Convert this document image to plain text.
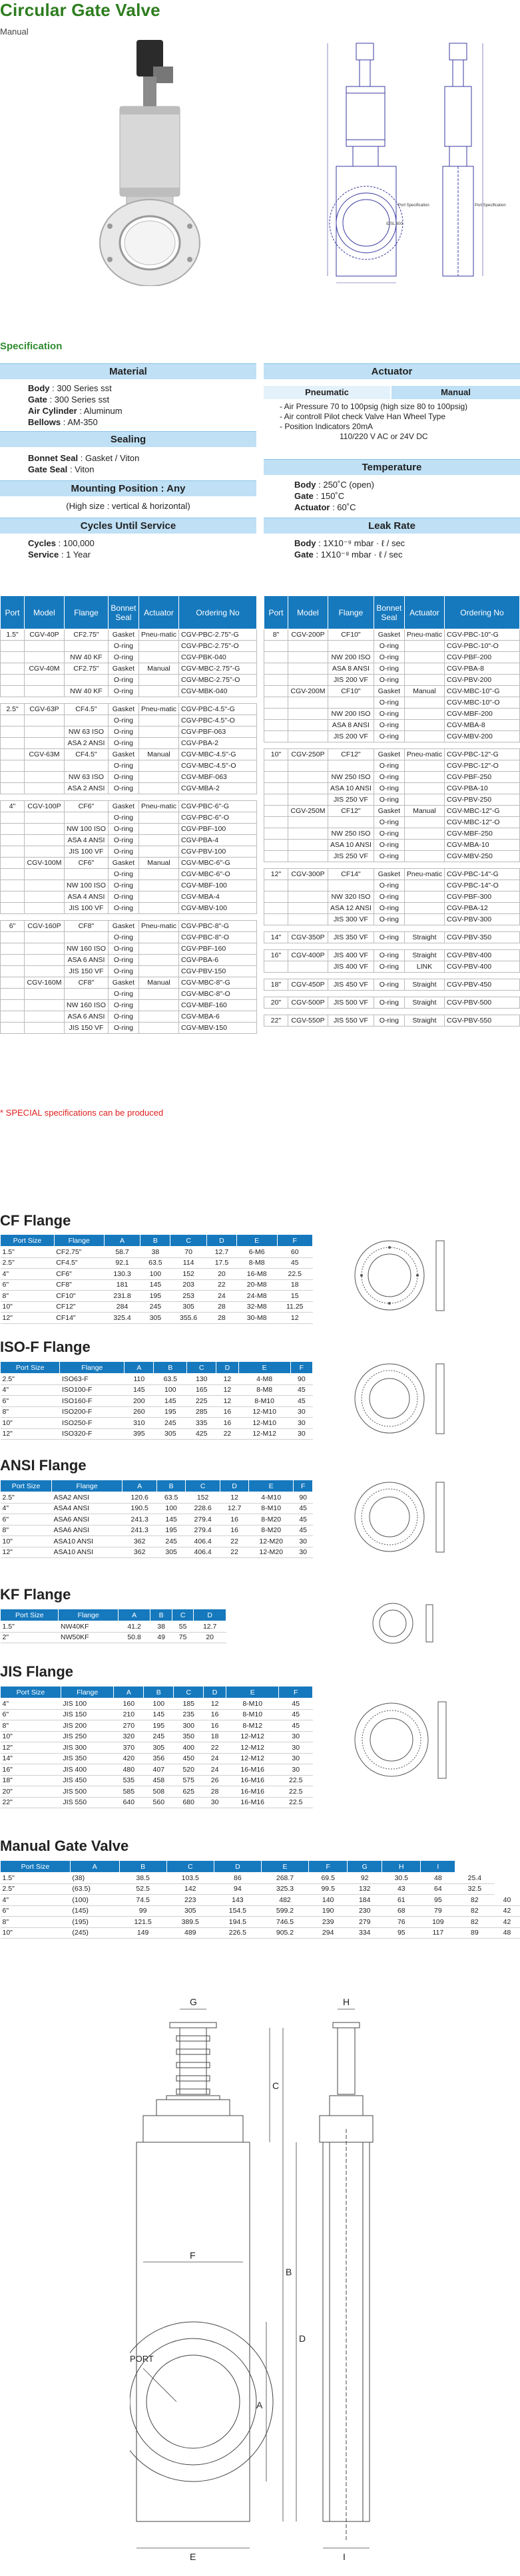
Circular Gate Valve
Manual
Port Specification	Port Specification
IDSL 600
Specification
Material
Body : 300 Series sst
Gate : 300 Series sst
Air Cylinder : Aluminum
Bellows : AM-350
Sealing
Bonnet Seal : Gasket / Viton
Gate Seal : Viton
Mounting Position : Any
(High size : vertical & horizontal)
Cycles Until Service
Cycles : 100,000
Service : 1 Year
Actuator
Pneumatic	Manual
- Air Pressure 70 to 100psig (high size 80 to 100psig)
- Air controll Pilot check Valve Han Wheel Type
- Position Indicators 20mA
110/220 V AC or 24V DC
Temperature
Body : 250˚C (open)
Gate : 150˚C
Actuator : 60˚C
Leak Rate
Body : 1X10⁻⁹ mbar · ℓ / sec
Gate : 1X10⁻⁸ mbar · ℓ / sec
Port	Model	Flange	Bonnet Seal	Actuator	Ordering No
1.5"	CGV-40P	CF2.75"	Gasket	Pneu-matic	CGV-PBC-2.75"-G
			O-ring		CGV-PBC-2.75"-O
		NW 40 KF	O-ring		CGV-PBK-040
	CGV-40M	CF2.75"	Gasket	Manual	CGV-MBC-2.75"-G
			O-ring		CGV-MBC-2.75"-O
		NW 40 KF	O-ring		CGV-MBK-040

2.5"	CGV-63P	CF4.5"	Gasket	Pneu-matic	CGV-PBC-4.5"-G
			O-ring		CGV-PBC-4.5"-O
		NW 63 ISO	O-ring		CGV-PBF-063
		ASA 2 ANSI	O-ring		CGV-PBA-2
	CGV-63M	CF4.5"	Gasket	Manual	CGV-MBC-4.5"-G
			O-ring		CGV-MBC-4.5"-O
		NW 63 ISO	O-ring		CGV-MBF-063
		ASA 2 ANSI	O-ring		CGV-MBA-2

4"	CGV-100P	CF6"	Gasket	Pneu-matic	CGV-PBC-6"-G
			O-ring		CGV-PBC-6"-O
		NW 100 ISO	O-ring		CGV-PBF-100
		ASA 4 ANSI	O-ring		CGV-PBA-4
		JIS 100 VF	O-ring		CGV-PBV-100
	CGV-100M	CF6"	Gasket	Manual	CGV-MBC-6"-G
			O-ring		CGV-MBC-6"-O
		NW 100 ISO	O-ring		CGV-MBF-100
		ASA 4 ANSI	O-ring		CGV-MBA-4
		JIS 100 VF	O-ring		CGV-MBV-100

6"	CGV-160P	CF8"	Gasket	Pneu-matic	CGV-PBC-8"-G
			O-ring		CGV-PBC-8"-O
		NW 160 ISO	O-ring		CGV-PBF-160
		ASA 6 ANSI	O-ring		CGV-PBA-6
		JIS 150 VF	O-ring		CGV-PBV-150
	CGV-160M	CF8"	Gasket	Manual	CGV-MBC-8"-G
			O-ring		CGV-MBC-8"-O
		NW 160 ISO	O-ring		CGV-MBF-160
		ASA 6 ANSI	O-ring		CGV-MBA-6
		JIS 150 VF	O-ring		CGV-MBV-150
Port	Model	Flange	Bonnet Seal	Actuator	Ordering No
8"	CGV-200P	CF10"	Gasket	Pneu-matic	CGV-PBC-10"-G
			O-ring		CGV-PBC-10"-O
		NW 200 ISO	O-ring		CGV-PBF-200
		ASA 8 ANSI	O-ring		CGV-PBA-8
		JIS 200 VF	O-ring		CGV-PBV-200
	CGV-200M	CF10"	Gasket	Manual	CGV-MBC-10"-G
			O-ring		CGV-MBC-10"-O
		NW 200 ISO	O-ring		CGV-MBF-200
		ASA 8 ANSI	O-ring		CGV-MBA-8
		JIS 200 VF	O-ring		CGV-MBV-200

10"	CGV-250P	CF12"	Gasket	Pneu-matic	CGV-PBC-12"-G
			O-ring		CGV-PBC-12"-O
		NW 250 ISO	O-ring		CGV-PBF-250
		ASA 10 ANSI	O-ring		CGV-PBA-10
		JIS 250 VF	O-ring		CGV-PBV-250
	CGV-250M	CF12"	Gasket	Manual	CGV-MBC-12"-G
			O-ring		CGV-MBC-12"-O
		NW 250 ISO	O-ring		CGV-MBF-250
		ASA 10 ANSI	O-ring		CGV-MBA-10
		JIS 250 VF	O-ring		CGV-MBV-250

12"	CGV-300P	CF14"	Gasket	Pneu-matic	CGV-PBC-14"-G
			O-ring		CGV-PBC-14"-O
		NW 320 ISO	O-ring		CGV-PBF-300
		ASA 12 ANSI	O-ring		CGV-PBA-12
		JIS 300 VF	O-ring		CGV-PBV-300

14"	CGV-350P	JIS 350 VF	O-ring	Straight	CGV-PBV-350

16"	CGV-400P	JIS 400 VF	O-ring	Straight	CGV-PBV-400
		JIS 400 VF	O-ring	LINK	CGV-PBV-400

18"	CGV-450P	JIS 450 VF	O-ring	Straight	CGV-PBV-450

20"	CGV-500P	JIS 500 VF	O-ring	Straight	CGV-PBV-500

22"	CGV-550P	JIS 550 VF	O-ring	Straight	CGV-PBV-550
* SPECIAL specifications can be produced
CF Flange
Port Size	Flange	A	B	C	D	E	F
1.5"	CF2.75"	58.7	38	70	12.7	6-M6	60
2.5"	CF4.5"	92.1	63.5	114	17.5	8-M8	45
4"	CF6"	130.3	100	152	20	16-M8	22.5
6"	CF8"	181	145	203	22	20-M8	18
8"	CF10"	231.8	195	253	24	24-M8	15
10"	CF12"	284	245	305	28	32-M8	11.25
12"	CF14"	325.4	305	355.6	28	30-M8	12
ISO-F Flange
Port Size	Flange	A	B	C	D	E	F
2.5"	ISO63-F	110	63.5	130	12	4-M8	90
4"	ISO100-F	145	100	165	12	8-M8	45
6"	ISO160-F	200	145	225	12	8-M10	45
8"	ISO200-F	260	195	285	16	12-M10	30
10"	ISO250-F	310	245	335	16	12-M10	30
12"	ISO320-F	395	305	425	22	12-M12	30
ANSI Flange
Port Size	Flange	A	B	C	D	E	F
2.5"	ASA2 ANSI	120.6	63.5	152	12	4-M10	90
4"	ASA4 ANSI	190.5	100	228.6	12.7	8-M10	45
6"	ASA6 ANSI	241.3	145	279.4	16	8-M20	45
8"	ASA6 ANSI	241.3	195	279.4	16	8-M20	45
10"	ASA10 ANSI	362	245	406.4	22	12-M20	30
12"	ASA10 ANSI	362	305	406.4	22	12-M20	30
KF Flange
Port Size	Flange	A	B	C	D
1.5"	NW40KF	41.2	38	55	12.7
2"	NW50KF	50.8	49	75	20
JIS Flange
Port Size	Flange	A	B	C	D	E	F
4"	JIS 100	160	100	185	12	8-M10	45
6"	JIS 150	210	145	235	16	8-M10	45
8"	JIS 200	270	195	300	16	8-M12	45
10"	JIS 250	320	245	350	18	12-M12	30
12"	JIS 300	370	305	400	22	12-M12	30
14"	JIS 350	420	356	450	24	12-M12	30
16"	JIS 400	480	407	520	24	16-M16	30
18"	JIS 450	535	458	575	26	16-M16	22.5
20"	JIS 500	585	508	625	28	16-M16	22.5
22"	JIS 550	640	560	680	30	16-M16	22.5
Manual Gate Valve
Port Size	A	B	C	D	E	F	G	H	I		
1.5"	(38)	38.5	103.5	86	268.7	69.5	92	30.5	48	25.4	
2.5"	(63.5)	52.5	142	94	325.3	99.5	132	43	64	32.5	
4"	(100)	74.5	223	143	482	140	184	61	95	82	40
6"	(145)	99	305	154.5	599.2	190	230	68	79	82	42
8"	(195)	121.5	389.5	194.5	746.5	239	279	76	109	82	42
10"	(245)	149	489	226.5	905.2	294	334	95	117	89	48
G	H
C
B
D
F
PORT
A
E	I
